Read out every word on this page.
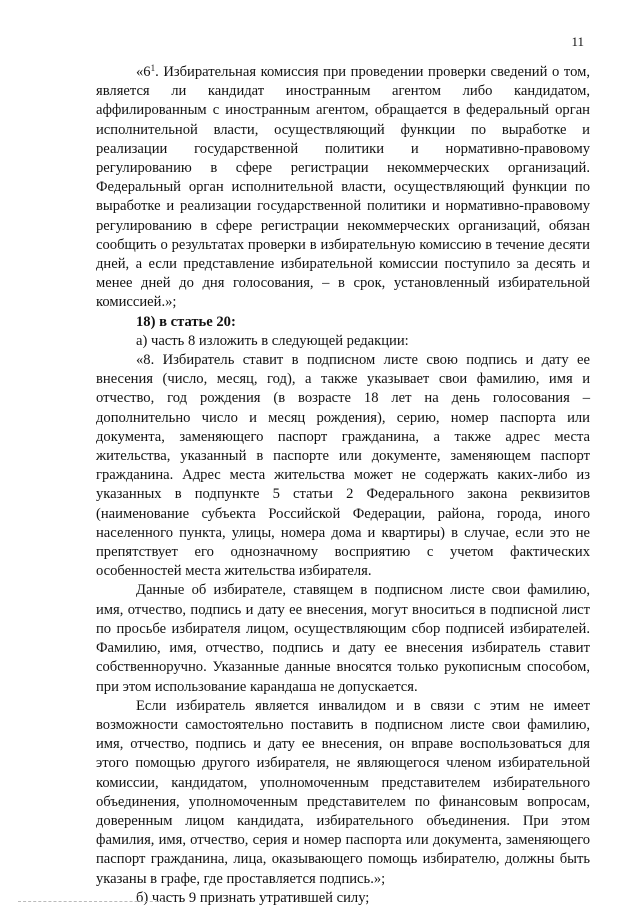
11

«$6^1$. Избирательная комиссия при проведении проверки сведений о том, является ли кандидат иностранным агентом либо кандидатом, аффилированным с иностранным агентом, обращается в федеральный орган исполнительной власти, осуществляющий функции по выработке и реализации государственной политики и нормативно-правовому регулированию в сфере регистрации некоммерческих организаций. Федеральный орган исполнительной власти, осуществляющий функции по выработке и реализации государственной политики и нормативно-правовому регулированию в сфере регистрации некоммерческих организаций, обязан сообщить о результатах проверки в избирательную комиссию в течение десяти дней, а если представление избирательной комиссии поступило за десять и менее дней до дня голосования, – в срок, установленный избирательной комиссией.»;

18) в статье 20:

а) часть 8 изложить в следующей редакции:

«8. Избиратель ставит в подписном листе свою подпись и дату ее внесения (число, месяц, год), а также указывает свои фамилию, имя и отчество, год рождения (в возрасте 18 лет на день голосования – дополнительно число и месяц рождения), серию, номер паспорта или документа, заменяющего паспорт гражданина, а также адрес места жительства, указанный в паспорте или документе, заменяющем паспорт гражданина. Адрес места жительства может не содержать каких-либо из указанных в подпункте 5 статьи 2 Федерального закона реквизитов (наименование субъекта Российской Федерации, района, города, иного населенного пункта, улицы, номера дома и квартиры) в случае, если это не препятствует его однозначному восприятию с учетом фактических особенностей места жительства избирателя.

Данные об избирателе, ставящем в подписном листе свои фамилию, имя, отчество, подпись и дату ее внесения, могут вноситься в подписной лист по просьбе избирателя лицом, осуществляющим сбор подписей избирателей. Фамилию, имя, отчество, подпись и дату ее внесения избиратель ставит собственноручно. Указанные данные вносятся только рукописным способом, при этом использование карандаша не допускается.

Если избиратель является инвалидом и в связи с этим не имеет возможности самостоятельно поставить в подписном листе свои фамилию, имя, отчество, подпись и дату ее внесения, он вправе воспользоваться для этого помощью другого избирателя, не являющегося членом избирательной комиссии, кандидатом, уполномоченным представителем избирательного объединения, уполномоченным представителем по финансовым вопросам, доверенным лицом кандидата, избирательного объединения. При этом фамилия, имя, отчество, серия и номер паспорта или документа, заменяющего паспорт гражданина, лица, оказывающего помощь избирателю, должны быть указаны в графе, где проставляется подпись.»;

б) часть 9 признать утратившей силу;
